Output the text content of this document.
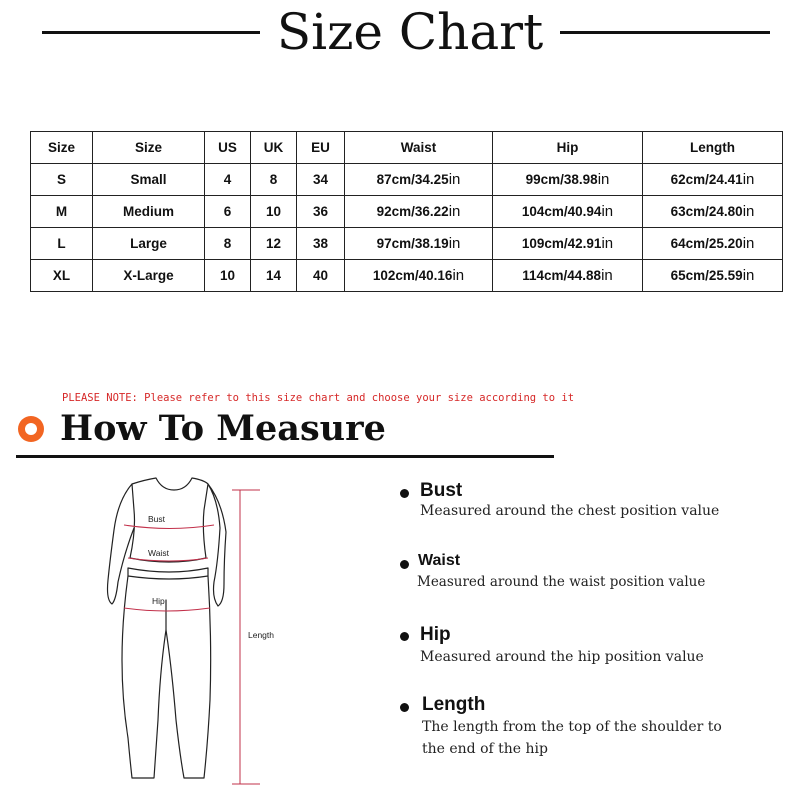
Size Chart
Size	Size	US	UK	EU	Waist	Hip	Length
S	Small	4	8	34	87cm/34.25in	99cm/38.98in	62cm/24.41in
M	Medium	6	10	36	92cm/36.22in	104cm/40.94in	63cm/24.80in
L	Large	8	12	38	97cm/38.19in	109cm/42.91in	64cm/25.20in
XL	X-Large	10	14	40	102cm/40.16in	114cm/44.88in	65cm/25.59in
PLEASE NOTE: Please refer to this size chart and choose your size according to it
How To Measure
Bust
Waist
Hip
Length
Bust
Measured around the chest position value
Waist
Measured around the waist position value
Hip
Measured around the hip position value
Length
The length from the top of the shoulder to
the end of the hip
